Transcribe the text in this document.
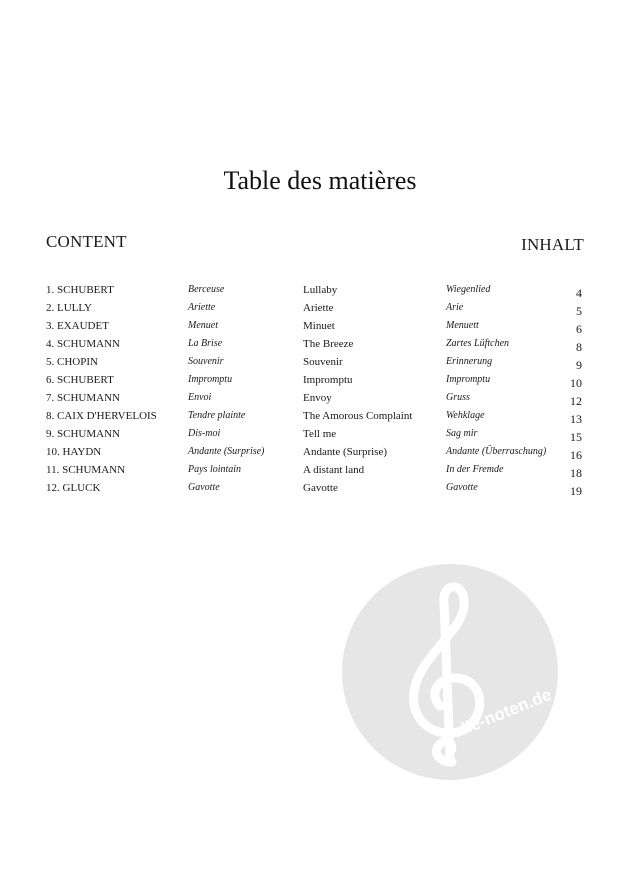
Table des matières
CONTENT	INHALT
1. SCHUBERT	Berceuse	Lullaby	Wiegenlied	4
2. LULLY	Ariette	Ariette	Arie	5
3. EXAUDET	Menuet	Minuet	Menuett	6
4. SCHUMANN	La Brise	The Breeze	Zartes Lüftchen	8
5. CHOPIN	Souvenir	Souvenir	Erinnerung	9
6. SCHUBERT	Impromptu	Impromptu	Impromptu	10
7. SCHUMANN	Envoi	Envoy	Gruss	12
8. CAIX D'HERVELOIS	Tendre plainte	The Amorous Complaint	Wehklage	13
9. SCHUMANN	Dis-moi	Tell me	Sag mir	15
10. HAYDN	Andante (Surprise)	Andante (Surprise)	Andante (Überraschung) 16
11. SCHUMANN	Pays lointain	A distant land	In der Fremde	18
12. GLUCK	Gavotte	Gavotte	Gavotte	19
alle-noten.de
